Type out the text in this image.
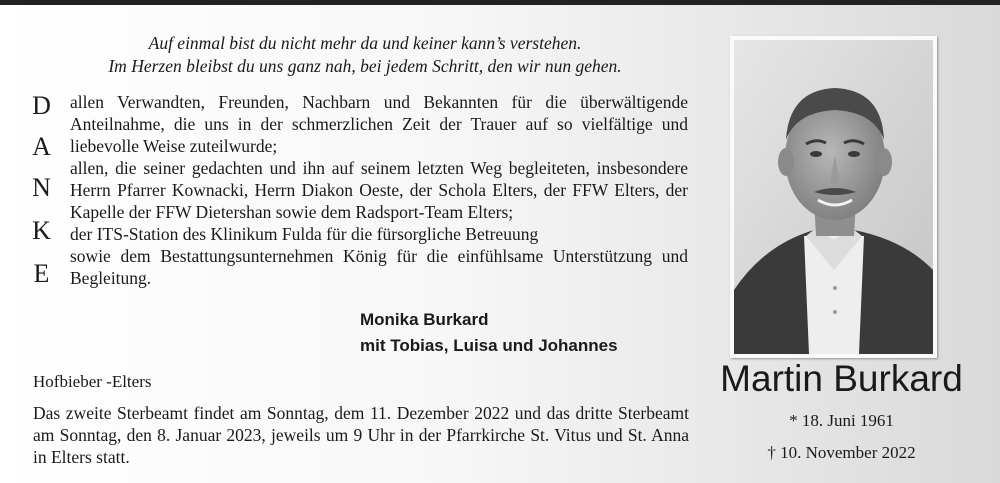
Auf einmal bist du nicht mehr da und keiner kann’s verstehen.
Im Herzen bleibst du uns ganz nah, bei jedem Schritt, den wir nun gehen.
D
A
N
K
E
allen Verwandten, Freunden, Nachbarn und Bekannten für die überwältigende Anteilnahme, die uns in der schmerzlichen Zeit der Trauer auf so vielfältige und liebevolle Weise zuteilwurde;
allen, die seiner gedachten und ihn auf seinem letzten Weg begleiteten, insbesondere Herrn Pfarrer Kownacki, Herrn Diakon Oeste, der Schola Elters, der FFW Elters, der Kapelle der FFW Dietershan sowie dem Radsport-Team Elters;
der ITS-Station des Klinikum Fulda für die fürsorgliche Betreuung
sowie dem Bestattungsunternehmen König für die einfühlsame Unterstützung und Begleitung.
Monika Burkard
mit Tobias, Luisa und Johannes
Hofbieber -Elters
Das zweite Sterbeamt findet am Sonntag, dem 11. Dezember 2022 und das dritte Sterbeamt am Sonntag, den 8. Januar 2023, jeweils um 9 Uhr in der Pfarrkirche St. Vitus und St. Anna in Elters statt.
Martin Burkard
* 18. Juni 1961
† 10. November 2022
